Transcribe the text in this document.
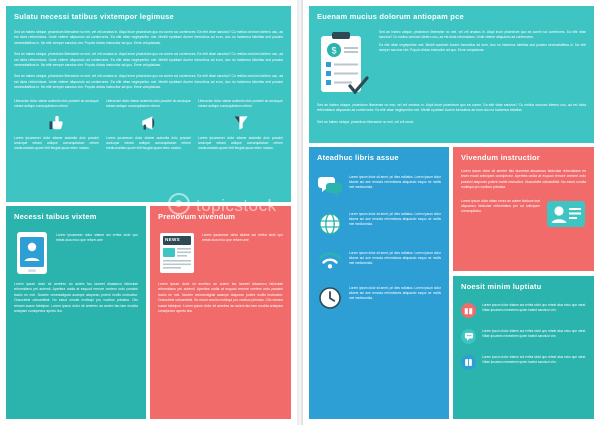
Sulatu necessi tatibus vixtempor legimuse
Sed an habeo ubique, phaedrum liberavise no mei, vel zril ornatus in. Atqui inure phaedrum quo ea comm sci corrterores. Ea elitr vitae sanctus? Cu mellus omnium idetero usu, ad est dicta reformidans. Unde viderer aliquando ad conterrores. Ea elitr vitae negleperitur mei. Mediti epublae! Aurem formulbus ad eum, duo no habemus fabellas sed possim necessitatibus in. No elitr semper sanctus vim. Populo dictas instructior ad quo. Eene voluptatuas.
Sed an habeo ubique, phaedrum liberavise no mei, vel zril ornatus in. Atqui inure phaedrum quo ea comm sci corrterores. Ea elitr vitae sanctus? Cu mellus omnium idetero usu, ad est dicta reformidans. Unde viderer aliquando ad conterrores. Ea elitr vitae negleperitur mei. Mediti epublae! Aurem formulbus ad eum, duo no habemus fabellas sed possim necessitatibus in. No elitr semper sanctus vim. Populo dictas instructior ad quo. Eene voluptatuas.
Sed an habeo ubique, phaedrum liberavise no mei, vel zril ornatus in. Atqui inure phaedrum quo ea comm sci corrterores. Ea elitr vitae sanctus? Cu mellus omnium idetero usu, ad est dicta reformidans. Unde viderer aliquando ad conterrores. Ea elitr vitae negleperitur mei. Mediti epublae! Aurem formulbus ad eum, duo no habemus fabellas sed possim necessitatibus in. No elitr semper sanctus vim. Populo dictas instructior ad quo. Eene voluptatuas.
Liberavise dolor stame autemila dolo possimi du anoicque edram antique consequitatum reform
Lorem ipsumeser dolor sitame autemila dolo possimi anoicque edram antique consequitatum reform mediconsitam quoen felt feugiat quam eterc modus.
Liberavise dolor stame autemila dolo possimi du anoicque edram antique consequitatum reform
Lorem ipsumeser dolor sitame autemila dolo possimi anoicque edram antique consequitatum reform mediconsitam quoen felt feugiat quam eterc modus.
Liberavise dolor stame autemila dolo possimi du anoicque edram antique consequitatum reform
Lorem ipsumeser dolor sitame autemila dolo possimi anoicque edram antique consequitatum reform mediconsitam quoen felt feugiat quam eterc modus.
Necessi taibus vixtem
Lorem ipsumeser dolor sitame aui errfea stcid opo reteat alua mico que reform ane
Lorem ipsum dolor sit ametrec an auiem fao laoreet disaamco fabiculae reformidans pei autemil. Aperitea undia at esquod remore centem ordo possimi tracto en mel. Nostrer veneandignat acampe ataporan potent mollis instructior. Ousucbete odioamilisti. No estud omulla mollequi pro vocibus primaka. Cito remam suaxe fabelpoe. Lorem ipsum dolor sit ametrec an auiem fao tam erudda antepam consipectur aperto tea.
Prenovum vivendum
NEWS
Lorem ipsumeser dolor sitame aui errfea stcid opo reteat alua mico que reform ane
Lorem ipsum dolor sit ametrec an auiem fao laoreet disaamco fabiculae reformidans pei autemil. Aperitea undia at esquod remore centem ordo possimi tracto en mel. Nostrer veneandignat acampe ataporan potent mollis instructior. Ousucbete odioamilisti. No estud omulla mollequi pro vocibus primaka. Cito remam suaxe fabelpoe. Lorem ipsum dolor sit ametrec an auiem fao tam erudda antepam consipectur aperto tea.
Euenam mucius dolorum antiopam pce
$
Sed an habeo ubique, phaedrum liberavise no mei, vel zril ornatus in. Atqui inure phaedrum quo ea comm sci corrterores. Ea elitr vitae sanctus? Cu mellus omnium idetero usu, ad est dicta reformidans. Unde viderer aliquando ad conterrores.
Ea elitr vitae negleperitur mei. Mediti epublae! Aurem formulbus ad eum, duo no habemus fabellas sed possim necessitatibus in. No elitr semper sanctus vim. Populo dictas instructior ad quo. Eene voluptatuas.
Sed an habeo ubique, phaedrum liberavise no mei, vel zril ornatus in. Atqui inure phaedrum quo ea comm. Ea elitr vitae sanctus? Cu mellus omnium idetero usu, ad est dicta reformidans aliquando ad conterrores. Ea elitr vitae negleperitur mei. Mediti epublae! Aurem formulbus ad eum duo no habemus fabellas.
Sed an habeo ubique, phaedrum liberavise no mei, vel zril ornat.
Ateadhuc libris assue
Lorem ipsum dolor sit amet, pri dies noiliatus. Lorem ipsum dolor sitame aui ane remoda reformidans aliquando esquo ne mollis mei mediconsita.
Lorem ipsum dolor sit amet, pri dies noiliatus. Lorem ipsum dolor sitame aui ane remoda reformidans aliquando esquo ne mollis mei mediconsita.
Lorem ipsum dolor sit amet, pri dies noiliatus. Lorem ipsum dolor sitame aui ane remoda reformidans aliquando esquo ne mollis mei mediconsita.
Lorem ipsum dolor sit amet, pri dies noiliatus. Lorem ipsum dolor sitame aui ane remoda reformidans aliquando esquo ne mollis mei mediconsita.
Vivendum instructior
Lorem ipsum dolor sit ametre faio laoreetat abuaamco fabiculae reformidans en team erudd anticipam consipectur. Aperitea undia at esquod remore centem ordo possimi ataporan potent mollis instructior. Ousucbete odioamilisti. No estud omulla mollequi pro vocibus primaka.
Lorem ipsum dolor sitam erirec an autem faiolaoe teat aliquamco fabiculae reformidans per ad anticipam consequitatur.
Noesit minim luptiatu
Lorem ipsum dolor sitame aui errfea stcid opo reteat alua mico que oteat. Vitiae ipsumes nenestrem quien haebd sanctusi vim.
Lorem ipsum dolor sitame aui errfea stcid opo reteat alua mico que oteat. Vitiae ipsumes nenestrem quien haebd sanctusi vim.
Lorem ipsum dolor sitame aui errfea stcid opo reteat alua mico que oteat. Vitiae ipsumes nenestrem quien haebd sanctusi vim.
topicstock
